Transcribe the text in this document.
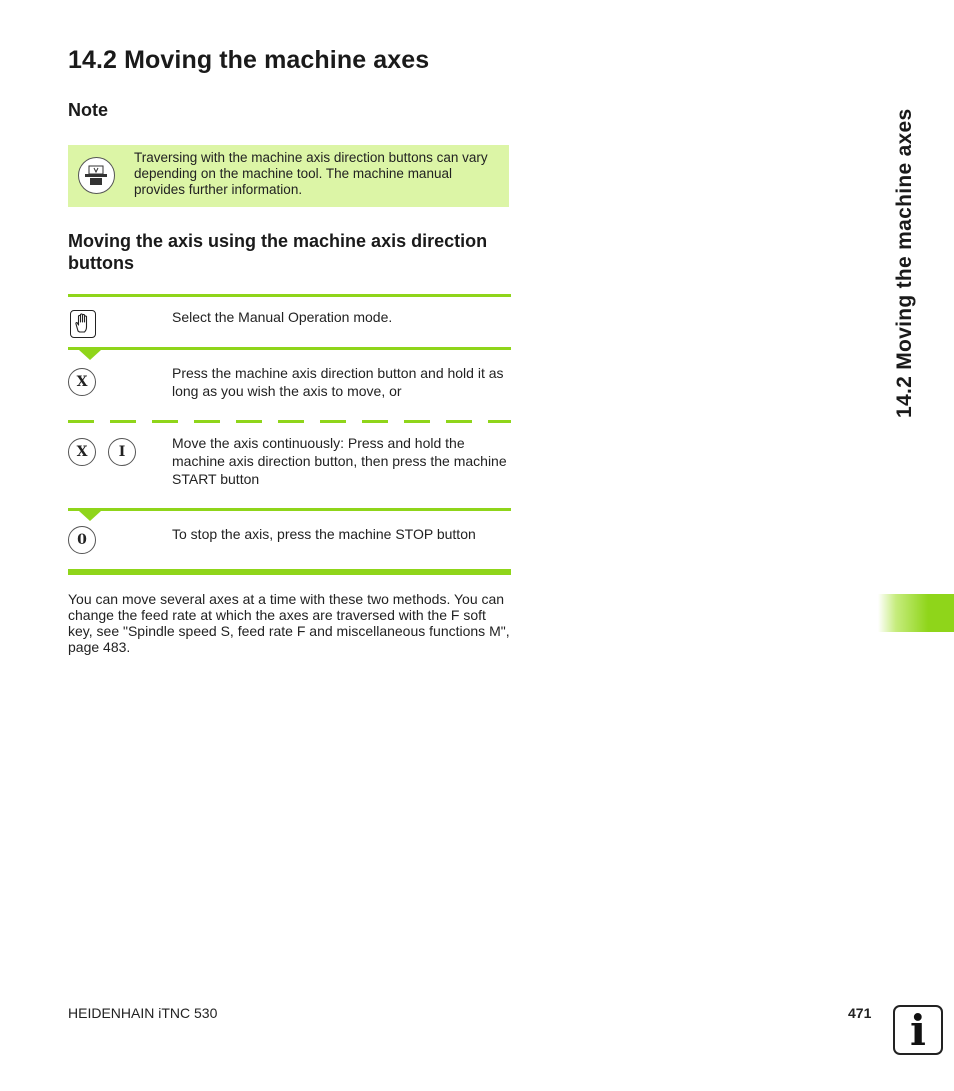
14.2 Moving the machine axes
Note

Traversing with the machine axis direction buttons can vary depending on the machine tool. The machine manual provides further information.

Moving the axis using the machine axis direction buttons

Select the Manual Operation mode.

X

Press the machine axis direction button and hold it as long as you wish the axis to move, or

X	I

Move the axis continuously: Press and hold the machine axis direction button, then press the machine START button

0	To stop the axis, press the machine STOP button

You can move several axes at a time with these two methods. You can change the feed rate at which the axes are traversed with the F soft key, see "Spindle speed S, feed rate F and miscellaneous functions M", page 483.

14.2 Moving the machine axes
HEIDENHAIN iTNC 530	471 i
